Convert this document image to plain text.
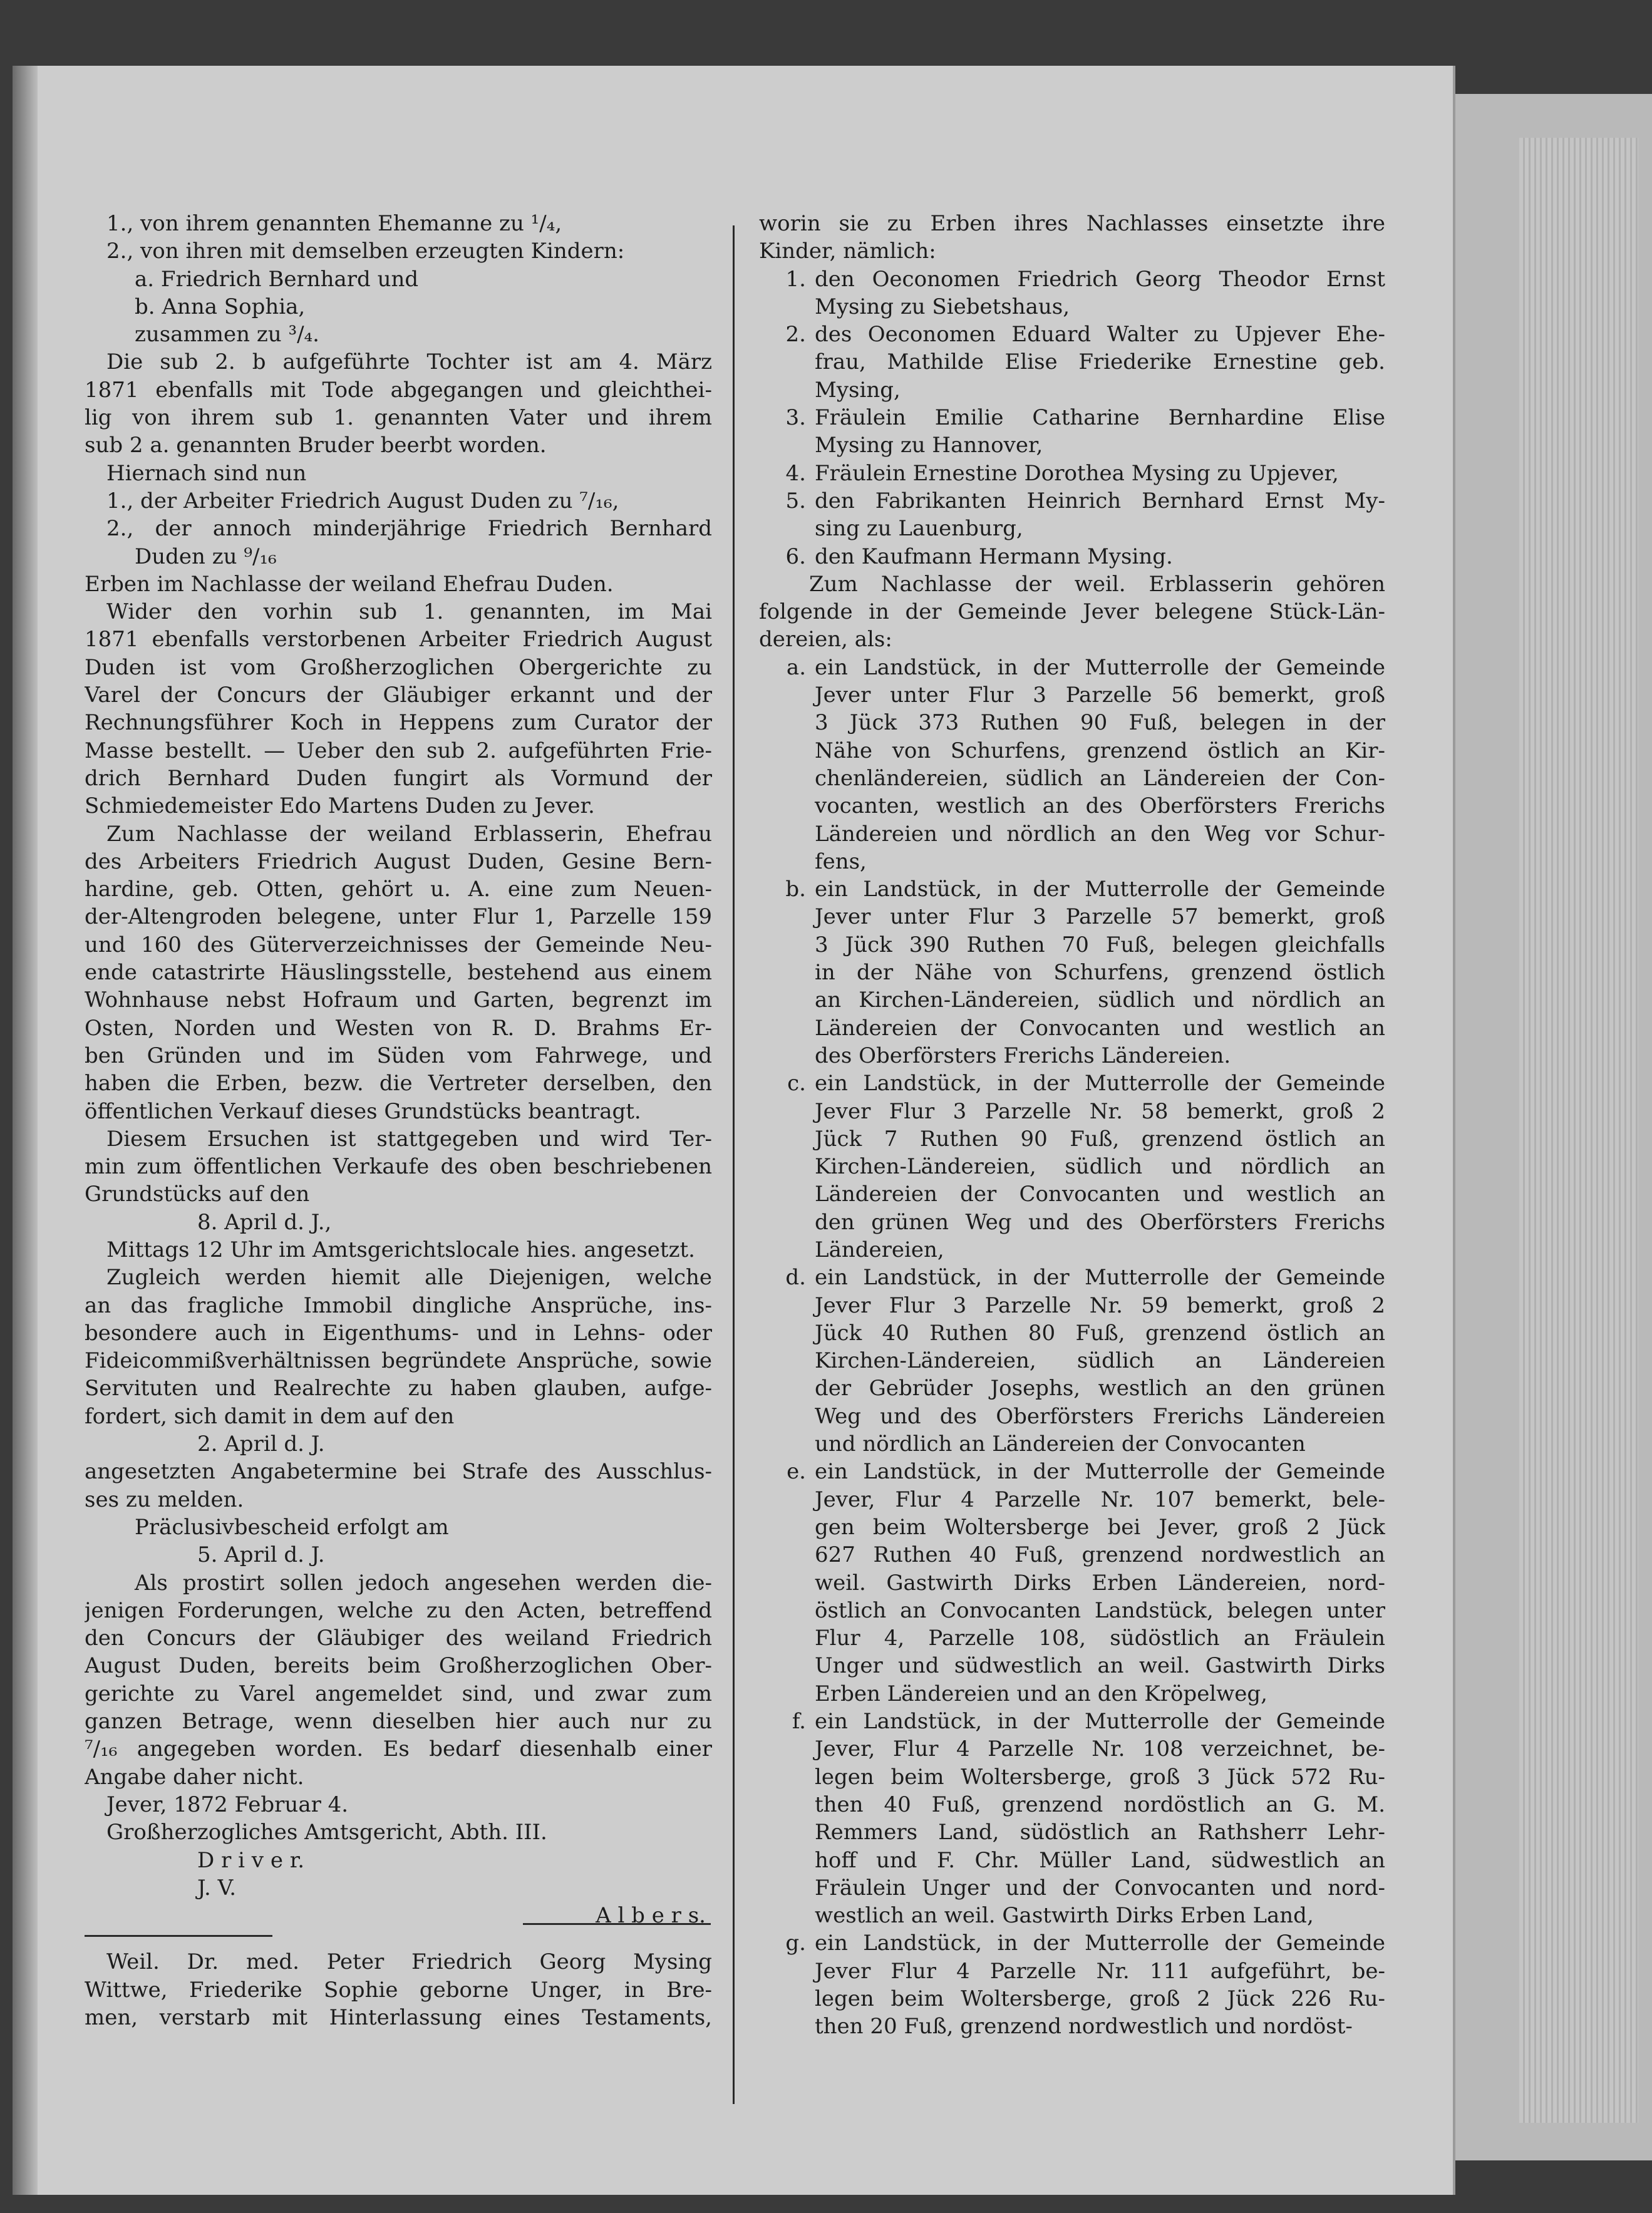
1., von ihrem genannten Ehemanne zu ¹/₄,
2., von ihren mit demselben erzeugten Kindern:
a. Friedrich Bernhard und
b. Anna Sophia,
zusammen zu ³/₄.
Die sub 2. b aufgeführte Tochter ist am 4. März
1871 ebenfalls mit Tode abgegangen und gleichthei-
lig von ihrem sub 1. genannten Vater und ihrem
sub 2 a. genannten Bruder beerbt worden.
Hiernach sind nun
1., der Arbeiter Friedrich August Duden zu ⁷/₁₆,
2., der annoch minderjährige Friedrich Bernhard
Duden zu ⁹/₁₆
Erben im Nachlasse der weiland Ehefrau Duden.
Wider den vorhin sub 1. genannten, im Mai
1871 ebenfalls verstorbenen Arbeiter Friedrich August
Duden ist vom Großherzoglichen Obergerichte zu
Varel der Concurs der Gläubiger erkannt und der
Rechnungsführer Koch in Heppens zum Curator der
Masse bestellt. — Ueber den sub 2. aufgeführten Frie-
drich Bernhard Duden fungirt als Vormund der
Schmiedemeister Edo Martens Duden zu Jever.
Zum Nachlasse der weiland Erblasserin, Ehefrau
des Arbeiters Friedrich August Duden, Gesine Bern-
hardine, geb. Otten, gehört u. A. eine zum Neuen-
der-Altengroden belegene, unter Flur 1, Parzelle 159
und 160 des Güterverzeichnisses der Gemeinde Neu-
ende catastrirte Häuslingsstelle, bestehend aus einem
Wohnhause nebst Hofraum und Garten, begrenzt im
Osten, Norden und Westen von R. D. Brahms Er-
ben Gründen und im Süden vom Fahrwege, und
haben die Erben, bezw. die Vertreter derselben, den
öffentlichen Verkauf dieses Grundstücks beantragt.
Diesem Ersuchen ist stattgegeben und wird Ter-
min zum öffentlichen Verkaufe des oben beschriebenen
Grundstücks auf den
8. April d. J.,
Mittags 12 Uhr im Amtsgerichtslocale hies. angesetzt.
Zugleich werden hiemit alle Diejenigen, welche
an das fragliche Immobil dingliche Ansprüche, ins-
besondere auch in Eigenthums- und in Lehns- oder
Fideicommißverhältnissen begründete Ansprüche, sowie
Servituten und Realrechte zu haben glauben, aufge-
fordert, sich damit in dem auf den
2. April d. J.
angesetzten Angabetermine bei Strafe des Ausschlus-
ses zu melden.
Präclusivbescheid erfolgt am
5. April d. J.
Als prostirt sollen jedoch angesehen werden die-
jenigen Forderungen, welche zu den Acten, betreffend
den Concurs der Gläubiger des weiland Friedrich
August Duden, bereits beim Großherzoglichen Ober-
gerichte zu Varel angemeldet sind, und zwar zum
ganzen Betrage, wenn dieselben hier auch nur zu
⁷/₁₆ angegeben worden. Es bedarf diesenhalb einer
Angabe daher nicht.
Jever, 1872 Februar 4.
Großherzogliches Amtsgericht, Abth. III.
D r i v e r.
J. V.
A l b e r s.
Weil. Dr. med. Peter Friedrich Georg Mysing
Wittwe, Friederike Sophie geborne Unger, in Bre-
men, verstarb mit Hinterlassung eines Testaments,
worin sie zu Erben ihres Nachlasses einsetzte ihre
Kinder, nämlich:
1. den Oeconomen Friedrich Georg Theodor Ernst
Mysing zu Siebetshaus,
2. des Oeconomen Eduard Walter zu Upjever Ehe-
frau, Mathilde Elise Friederike Ernestine geb.
Mysing,
3. Fräulein Emilie Catharine Bernhardine Elise
Mysing zu Hannover,
4. Fräulein Ernestine Dorothea Mysing zu Upjever,
5. den Fabrikanten Heinrich Bernhard Ernst My-
sing zu Lauenburg,
6. den Kaufmann Hermann Mysing.
Zum Nachlasse der weil. Erblasserin gehören
folgende in der Gemeinde Jever belegene Stück-Län-
dereien, als:
a. ein Landstück, in der Mutterrolle der Gemeinde
Jever unter Flur 3 Parzelle 56 bemerkt, groß
3 Jück 373 Ruthen 90 Fuß, belegen in der
Nähe von Schurfens, grenzend östlich an Kir-
chenländereien, südlich an Ländereien der Con-
vocanten, westlich an des Oberförsters Frerichs
Ländereien und nördlich an den Weg vor Schur-
fens,
b. ein Landstück, in der Mutterrolle der Gemeinde
Jever unter Flur 3 Parzelle 57 bemerkt, groß
3 Jück 390 Ruthen 70 Fuß, belegen gleichfalls
in der Nähe von Schurfens, grenzend östlich
an Kirchen-Ländereien, südlich und nördlich an
Ländereien der Convocanten und westlich an
des Oberförsters Frerichs Ländereien.
c. ein Landstück, in der Mutterrolle der Gemeinde
Jever Flur 3 Parzelle Nr. 58 bemerkt, groß 2
Jück 7 Ruthen 90 Fuß, grenzend östlich an
Kirchen-Ländereien, südlich und nördlich an
Ländereien der Convocanten und westlich an
den grünen Weg und des Oberförsters Frerichs
Ländereien,
d. ein Landstück, in der Mutterrolle der Gemeinde
Jever Flur 3 Parzelle Nr. 59 bemerkt, groß 2
Jück 40 Ruthen 80 Fuß, grenzend östlich an
Kirchen-Ländereien, südlich an Ländereien
der Gebrüder Josephs, westlich an den grünen
Weg und des Oberförsters Frerichs Ländereien
und nördlich an Ländereien der Convocanten
e. ein Landstück, in der Mutterrolle der Gemeinde
Jever, Flur 4 Parzelle Nr. 107 bemerkt, bele-
gen beim Woltersberge bei Jever, groß 2 Jück
627 Ruthen 40 Fuß, grenzend nordwestlich an
weil. Gastwirth Dirks Erben Ländereien, nord-
östlich an Convocanten Landstück, belegen unter
Flur 4, Parzelle 108, südöstlich an Fräulein
Unger und südwestlich an weil. Gastwirth Dirks
Erben Ländereien und an den Kröpelweg,
f. ein Landstück, in der Mutterrolle der Gemeinde
Jever, Flur 4 Parzelle Nr. 108 verzeichnet, be-
legen beim Woltersberge, groß 3 Jück 572 Ru-
then 40 Fuß, grenzend nordöstlich an G. M.
Remmers Land, südöstlich an Rathsherr Lehr-
hoff und F. Chr. Müller Land, südwestlich an
Fräulein Unger und der Convocanten und nord-
westlich an weil. Gastwirth Dirks Erben Land,
g. ein Landstück, in der Mutterrolle der Gemeinde
Jever Flur 4 Parzelle Nr. 111 aufgeführt, be-
legen beim Woltersberge, groß 2 Jück 226 Ru-
then 20 Fuß, grenzend nordwestlich und nordöst-
